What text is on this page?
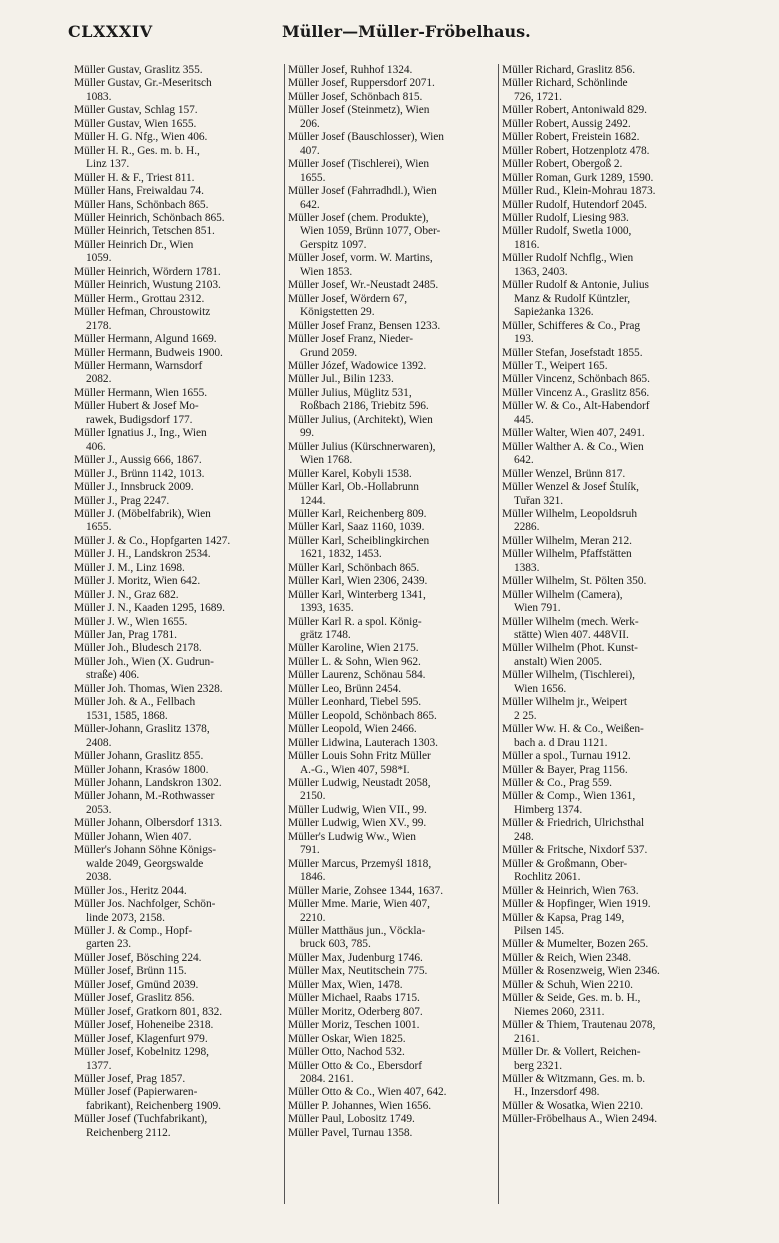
CLXXXIV	Müller—Müller-Fröbelhaus.
Müller Gustav, Graslitz 355.
Müller Gustav, Gr.-Meseritsch
1083.
Müller Gustav, Schlag 157.
Müller Gustav, Wien 1655.
Müller H. G. Nfg., Wien 406.
Müller H. R., Ges. m. b. H.,
Linz 137.
Müller H. & F., Triest 811.
Müller Hans, Freiwaldau 74.
Müller Hans, Schönbach 865.
Müller Heinrich, Schönbach 865.
Müller Heinrich, Tetschen 851.
Müller Heinrich Dr., Wien
1059.
Müller Heinrich, Wördern 1781.
Müller Heinrich, Wustung 2103.
Müller Herm., Grottau 2312.
Müller Hefman, Chroustowitz
2178.
Müller Hermann, Algund 1669.
Müller Hermann, Budweis 1900.
Müller Hermann, Warnsdorf
2082.
Müller Hermann, Wien 1655.
Müller Hubert & Josef Mo-
rawek, Budigsdorf 177.
Müller Ignatius J., Ing., Wien
406.
Müller J., Aussig 666, 1867.
Müller J., Brünn 1142, 1013.
Müller J., Innsbruck 2009.
Müller J., Prag 2247.
Müller J. (Möbelfabrik), Wien
1655.
Müller J. & Co., Hopfgarten 1427.
Müller J. H., Landskron 2534.
Müller J. M., Linz 1698.
Müller J. Moritz, Wien 642.
Müller J. N., Graz 682.
Müller J. N., Kaaden 1295, 1689.
Müller J. W., Wien 1655.
Müller Jan, Prag 1781.
Müller Joh., Bludesch 2178.
Müller Joh., Wien (X. Gudrun-
straße) 406.
Müller Joh. Thomas, Wien 2328.
Müller Joh. & A., Fellbach
1531, 1585, 1868.
Müller-Johann, Graslitz 1378,
2408.
Müller Johann, Graslitz 855.
Müller Johann, Krasów 1800.
Müller Johann, Landskron 1302.
Müller Johann, M.-Rothwasser
2053.
Müller Johann, Olbersdorf 1313.
Müller Johann, Wien 407.
Müller's Johann Söhne Königs-
walde 2049, Georgswalde
2038.
Müller Jos., Heritz 2044.
Müller Jos. Nachfolger, Schön-
linde 2073, 2158.
Müller J. & Comp., Hopf-
garten 23.
Müller Josef, Bösching 224.
Müller Josef, Brünn 115.
Müller Josef, Gmünd 2039.
Müller Josef, Graslitz 856.
Müller Josef, Gratkorn 801, 832.
Müller Josef, Hoheneibe 2318.
Müller Josef, Klagenfurt 979.
Müller Josef, Kobelnitz 1298,
1377.
Müller Josef, Prag 1857.
Müller Josef (Papierwaren-
fabrikant), Reichenberg 1909.
Müller Josef (Tuchfabrikant),
Reichenberg 2112.
Müller Josef, Ruhhof 1324.
Müller Josef, Ruppersdorf 2071.
Müller Josef, Schönbach 815.
Müller Josef (Steinmetz), Wien
206.
Müller Josef (Bauschlosser), Wien
407.
Müller Josef (Tischlerei), Wien
1655.
Müller Josef (Fahrradhdl.), Wien
642.
Müller Josef (chem. Produkte),
Wien 1059, Brünn 1077, Ober-
Gerspitz 1097.
Müller Josef, vorm. W. Martins,
Wien 1853.
Müller Josef, Wr.-Neustadt 2485.
Müller Josef, Wördern 67,
Königstetten 29.
Müller Josef Franz, Bensen 1233.
Müller Josef Franz, Nieder-
Grund 2059.
Müller Józef, Wadowice 1392.
Müller Jul., Bilin 1233.
Müller Julius, Müglitz 531,
Roßbach 2186, Triebitz 596.
Müller Julius, (Architekt), Wien
99.
Müller Julius (Kürschnerwaren),
Wien 1768.
Müller Karel, Kobyli 1538.
Müller Karl, Ob.-Hollabrunn
1244.
Müller Karl, Reichenberg 809.
Müller Karl, Saaz 1160, 1039.
Müller Karl, Scheiblingkirchen
1621, 1832, 1453.
Müller Karl, Schönbach 865.
Müller Karl, Wien 2306, 2439.
Müller Karl, Winterberg 1341,
1393, 1635.
Müller Karl R. a spol. König-
grätz 1748.
Müller Karoline, Wien 2175.
Müller L. & Sohn, Wien 962.
Müller Laurenz, Schönau 584.
Müller Leo, Brünn 2454.
Müller Leonhard, Tiebel 595.
Müller Leopold, Schönbach 865.
Müller Leopold, Wien 2466.
Müller Lidwina, Lauterach 1303.
Müller Louis Sohn Fritz Müller
A.-G., Wien 407, 598*I.
Müller Ludwig, Neustadt 2058,
2150.
Müller Ludwig, Wien VII., 99.
Müller Ludwig, Wien XV., 99.
Müller's Ludwig Ww., Wien
791.
Müller Marcus, Przemyśl 1818,
1846.
Müller Marie, Zohsee 1344, 1637.
Müller Mme. Marie, Wien 407,
2210.
Müller Matthäus jun., Vöckla-
bruck 603, 785.
Müller Max, Judenburg 1746.
Müller Max, Neutitschein 775.
Müller Max, Wien, 1478.
Müller Michael, Raabs 1715.
Müller Moritz, Oderberg 807.
Müller Moriz, Teschen 1001.
Müller Oskar, Wien 1825.
Müller Otto, Nachod 532.
Müller Otto & Co., Ebersdorf
2084. 2161.
Müller Otto & Co., Wien 407, 642.
Müller P. Johannes, Wien 1656.
Müller Paul, Lobositz 1749.
Müller Pavel, Turnau 1358.
Müller Richard, Graslitz 856.
Müller Richard, Schönlinde
726, 1721.
Müller Robert, Antoniwald 829.
Müller Robert, Aussig 2492.
Müller Robert, Freistein 1682.
Müller Robert, Hotzenplotz 478.
Müller Robert, Obergoß 2.
Müller Roman, Gurk 1289, 1590.
Müller Rud., Klein-Mohrau 1873.
Müller Rudolf, Hutendorf 2045.
Müller Rudolf, Liesing 983.
Müller Rudolf, Swetla 1000,
1816.
Müller Rudolf Nchflg., Wien
1363, 2403.
Müller Rudolf & Antonie, Julius
Manz & Rudolf Küntzler,
Sapieżanka 1326.
Müller, Schifferes & Co., Prag
193.
Müller Stefan, Josefstadt 1855.
Müller T., Weipert 165.
Müller Vincenz, Schönbach 865.
Müller Vincenz A., Graslitz 856.
Müller W. & Co., Alt-Habendorf
445.
Müller Walter, Wien 407, 2491.
Müller Walther A. & Co., Wien
642.
Müller Wenzel, Brünn 817.
Müller Wenzel & Josef Štulík,
Tuřan 321.
Müller Wilhelm, Leopoldsruh
2286.
Müller Wilhelm, Meran 212.
Müller Wilhelm, Pfaffstätten
1383.
Müller Wilhelm, St. Pölten 350.
Müller Wilhelm (Camera),
Wien 791.
Müller Wilhelm (mech. Werk-
stätte) Wien 407. 448VII.
Müller Wilhelm (Phot. Kunst-
anstalt) Wien 2005.
Müller Wilhelm, (Tischlerei),
Wien 1656.
Müller Wilhelm jr., Weipert
2 25.
Müller Ww. H. & Co., Weißen-
bach a. d Drau 1121.
Müller a spol., Turnau 1912.
Müller & Bayer, Prag 1156.
Müller & Co., Prag 559.
Müller & Comp., Wien 1361,
Himberg 1374.
Müller & Friedrich, Ulrichsthal
248.
Müller & Fritsche, Nixdorf 537.
Müller & Großmann, Ober-
Rochlitz 2061.
Müller & Heinrich, Wien 763.
Müller & Hopfinger, Wien 1919.
Müller & Kapsa, Prag 149,
Pilsen 145.
Müller & Mumelter, Bozen 265.
Müller & Reich, Wien 2348.
Müller & Rosenzweig, Wien 2346.
Müller & Schuh, Wien 2210.
Müller & Seide, Ges. m. b. H.,
Niemes 2060, 2311.
Müller & Thiem, Trautenau 2078,
2161.
Müller Dr. & Vollert, Reichen-
berg 2321.
Müller & Witzmann, Ges. m. b.
H., Inzersdorf 498.
Müller & Wosatka, Wien 2210.
Müller-Fröbelhaus A., Wien 2494.
